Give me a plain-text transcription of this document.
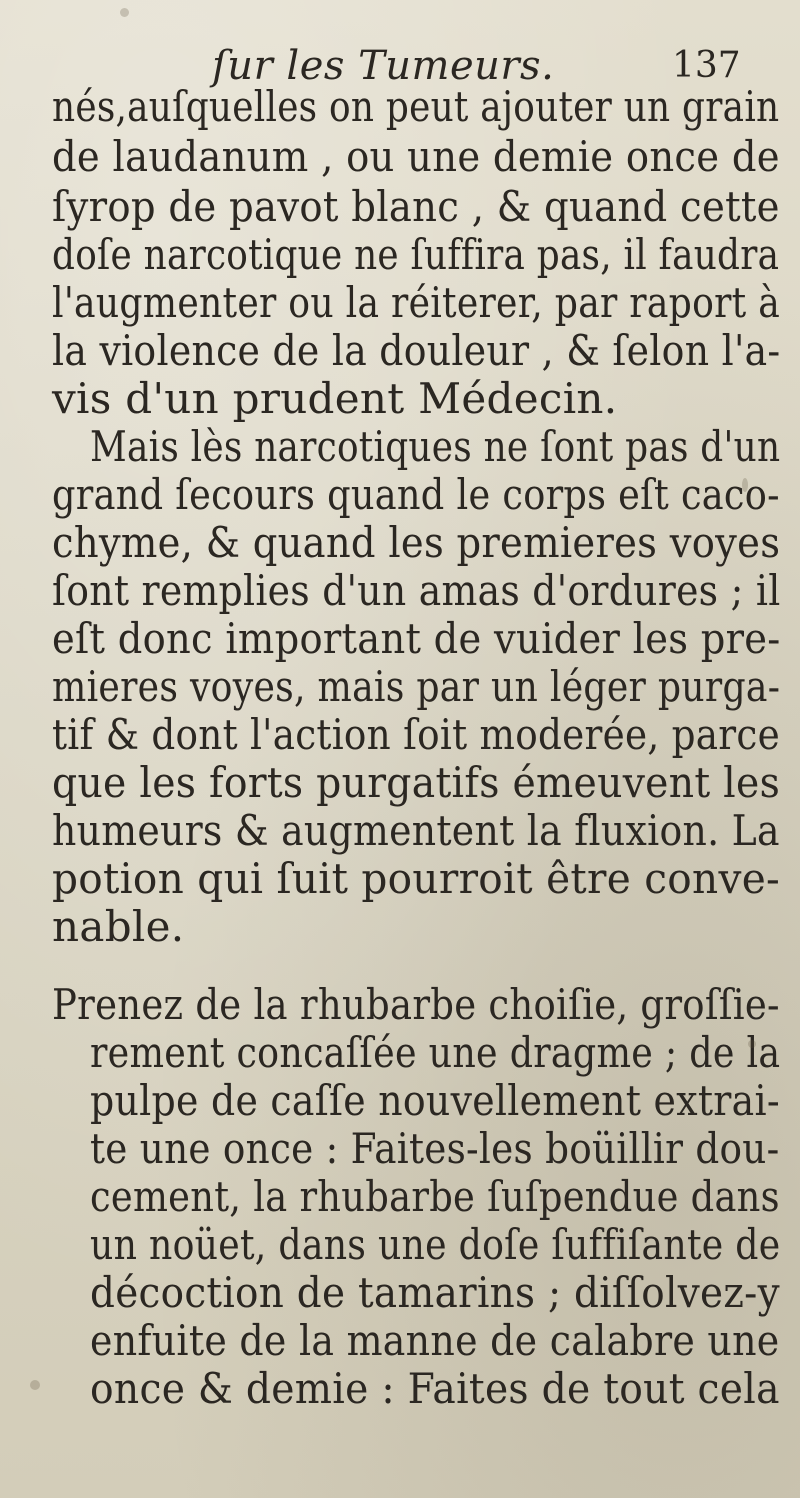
ſur les Tumeurs.	137
nés,auſquelles on peut ajouter un grain
de laudanum , ou une demie once de
ſyrop de pavot blanc , & quand cette
doſe narcotique ne ſuffira pas, il faudra
l'augmenter ou la réiterer, par raport à
la violence de la douleur , & ſelon l'a-
vis d'un prudent Médecin.
Mais lès narcotiques ne ſont pas d'un
grand ſecours quand le corps eſt caco-
chyme, & quand les premieres voyes
ſont remplies d'un amas d'ordures ; il
eſt donc important de vuider les pre-
mieres voyes, mais par un léger purga-
tif & dont l'action ſoit moderée, parce
que les forts purgatifs émeuvent les
humeurs & augmentent la fluxion. La
potion qui ſuit pourroit être conve-
nable.
Prenez de la rhubarbe choiſie, groſſie-
rement concaſſée une dragme ; de la
pulpe de caſſe nouvellement extrai-
te une once : Faites-les boüillir dou-
cement, la rhubarbe ſuſpendue dans
un noüet, dans une doſe ſuffiſante de
décoction de tamarins ; diſſolvez-y
enfuite de la manne de calabre une
once & demie : Faites de tout cela
